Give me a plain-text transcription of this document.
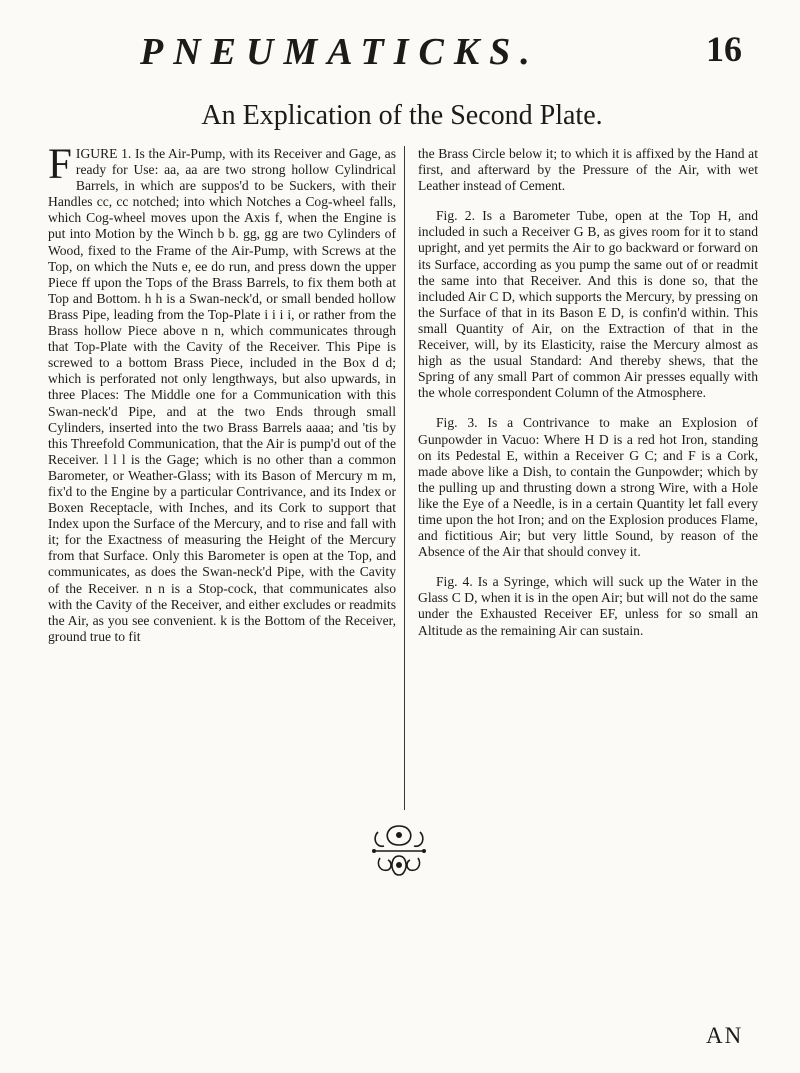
PNEUMATICKS.	16
An Explication of the Second Plate.

FIGURE 1. Is the Air-Pump, with its Receiver and Gage, as ready for Use: aa, aa are two strong hollow Cylindrical Barrels, in which are suppos'd to be Suckers, with their Handles cc, cc notched; into which Notches a Cog-wheel falls, which Cog-wheel moves upon the Axis f, when the Engine is put into Motion by the Winch b b. gg, gg are two Cylinders of Wood, fixed to the Frame of the Air-Pump, with Screws at the Top, on which the Nuts e, ee do run, and press down the upper Piece ff upon the Tops of the Brass Barrels, to fix them both at Top and Bottom. h h is a Swan-neck'd, or small bended hollow Brass Pipe, leading from the Top-Plate i i i i, or rather from the Brass hollow Piece above n n, which communicates through that Top-Plate with the Cavity of the Receiver. This Pipe is screwed to a bottom Brass Piece, included in the Box d d; which is perforated not only lengthways, but also upwards, in three Places: The Middle one for a Communication with this Swan-neck'd Pipe, and at the two Ends through small Cylinders, inserted into the two Brass Barrels aaaa; and 'tis by this Threefold Communication, that the Air is pump'd out of the Receiver. l l l is the Gage; which is no other than a common Barometer, or Weather-Glass; with its Bason of Mercury m m, fix'd to the Engine by a particular Contrivance, and its Index or Boxen Receptacle, with Inches, and its Cork to support that Index upon the Surface of the Mercury, and to rise and fall with it; for the Exactness of measuring the Height of the Mercury from that Surface. Only this Barometer is open at the Top, and communicates, as does the Swan-neck'd Pipe, with the Cavity of the Receiver. n n is a Stop-cock, that communicates also with the Cavity of the Receiver, and either excludes or readmits the Air, as you see convenient. k is the Bottom of the Receiver, ground true to fit

the Brass Circle below it; to which it is affixed by the Hand at first, and afterward by the Pressure of the Air, with wet Leather instead of Cement.

Fig. 2. Is a Barometer Tube, open at the Top H, and included in such a Receiver G B, as gives room for it to stand upright, and yet permits the Air to go backward or forward on its Surface, according as you pump the same out of or readmit the same into that Receiver. And this is done so, that the included Air C D, which supports the Mercury, by pressing on the Surface of that in its Bason E D, is confin'd within. This small Quantity of Air, on the Extraction of that in the Receiver, will, by its Elasticity, raise the Mercury almost as high as the usual Standard: And thereby shews, that the Spring of any small Part of common Air presses equally with the whole correspondent Column of the Atmosphere.

Fig. 3. Is a Contrivance to make an Explosion of Gunpowder in Vacuo: Where H D is a red hot Iron, standing on its Pedestal E, within a Receiver G C; and F is a Cork, made above like a Dish, to contain the Gunpowder; which by the pulling up and thrusting down a strong Wire, with a Hole like the Eye of a Needle, is in a certain Quantity let fall every time upon the hot Iron; and on the Explosion produces Flame, and fictitious Air; but very little Sound, by reason of the Absence of the Air that should convey it.

Fig. 4. Is a Syringe, which will suck up the Water in the Glass C D, when it is in the open Air; but will not do the same under the Exhausted Receiver EF, unless for so small an Altitude as the remaining Air can sustain.

AN
